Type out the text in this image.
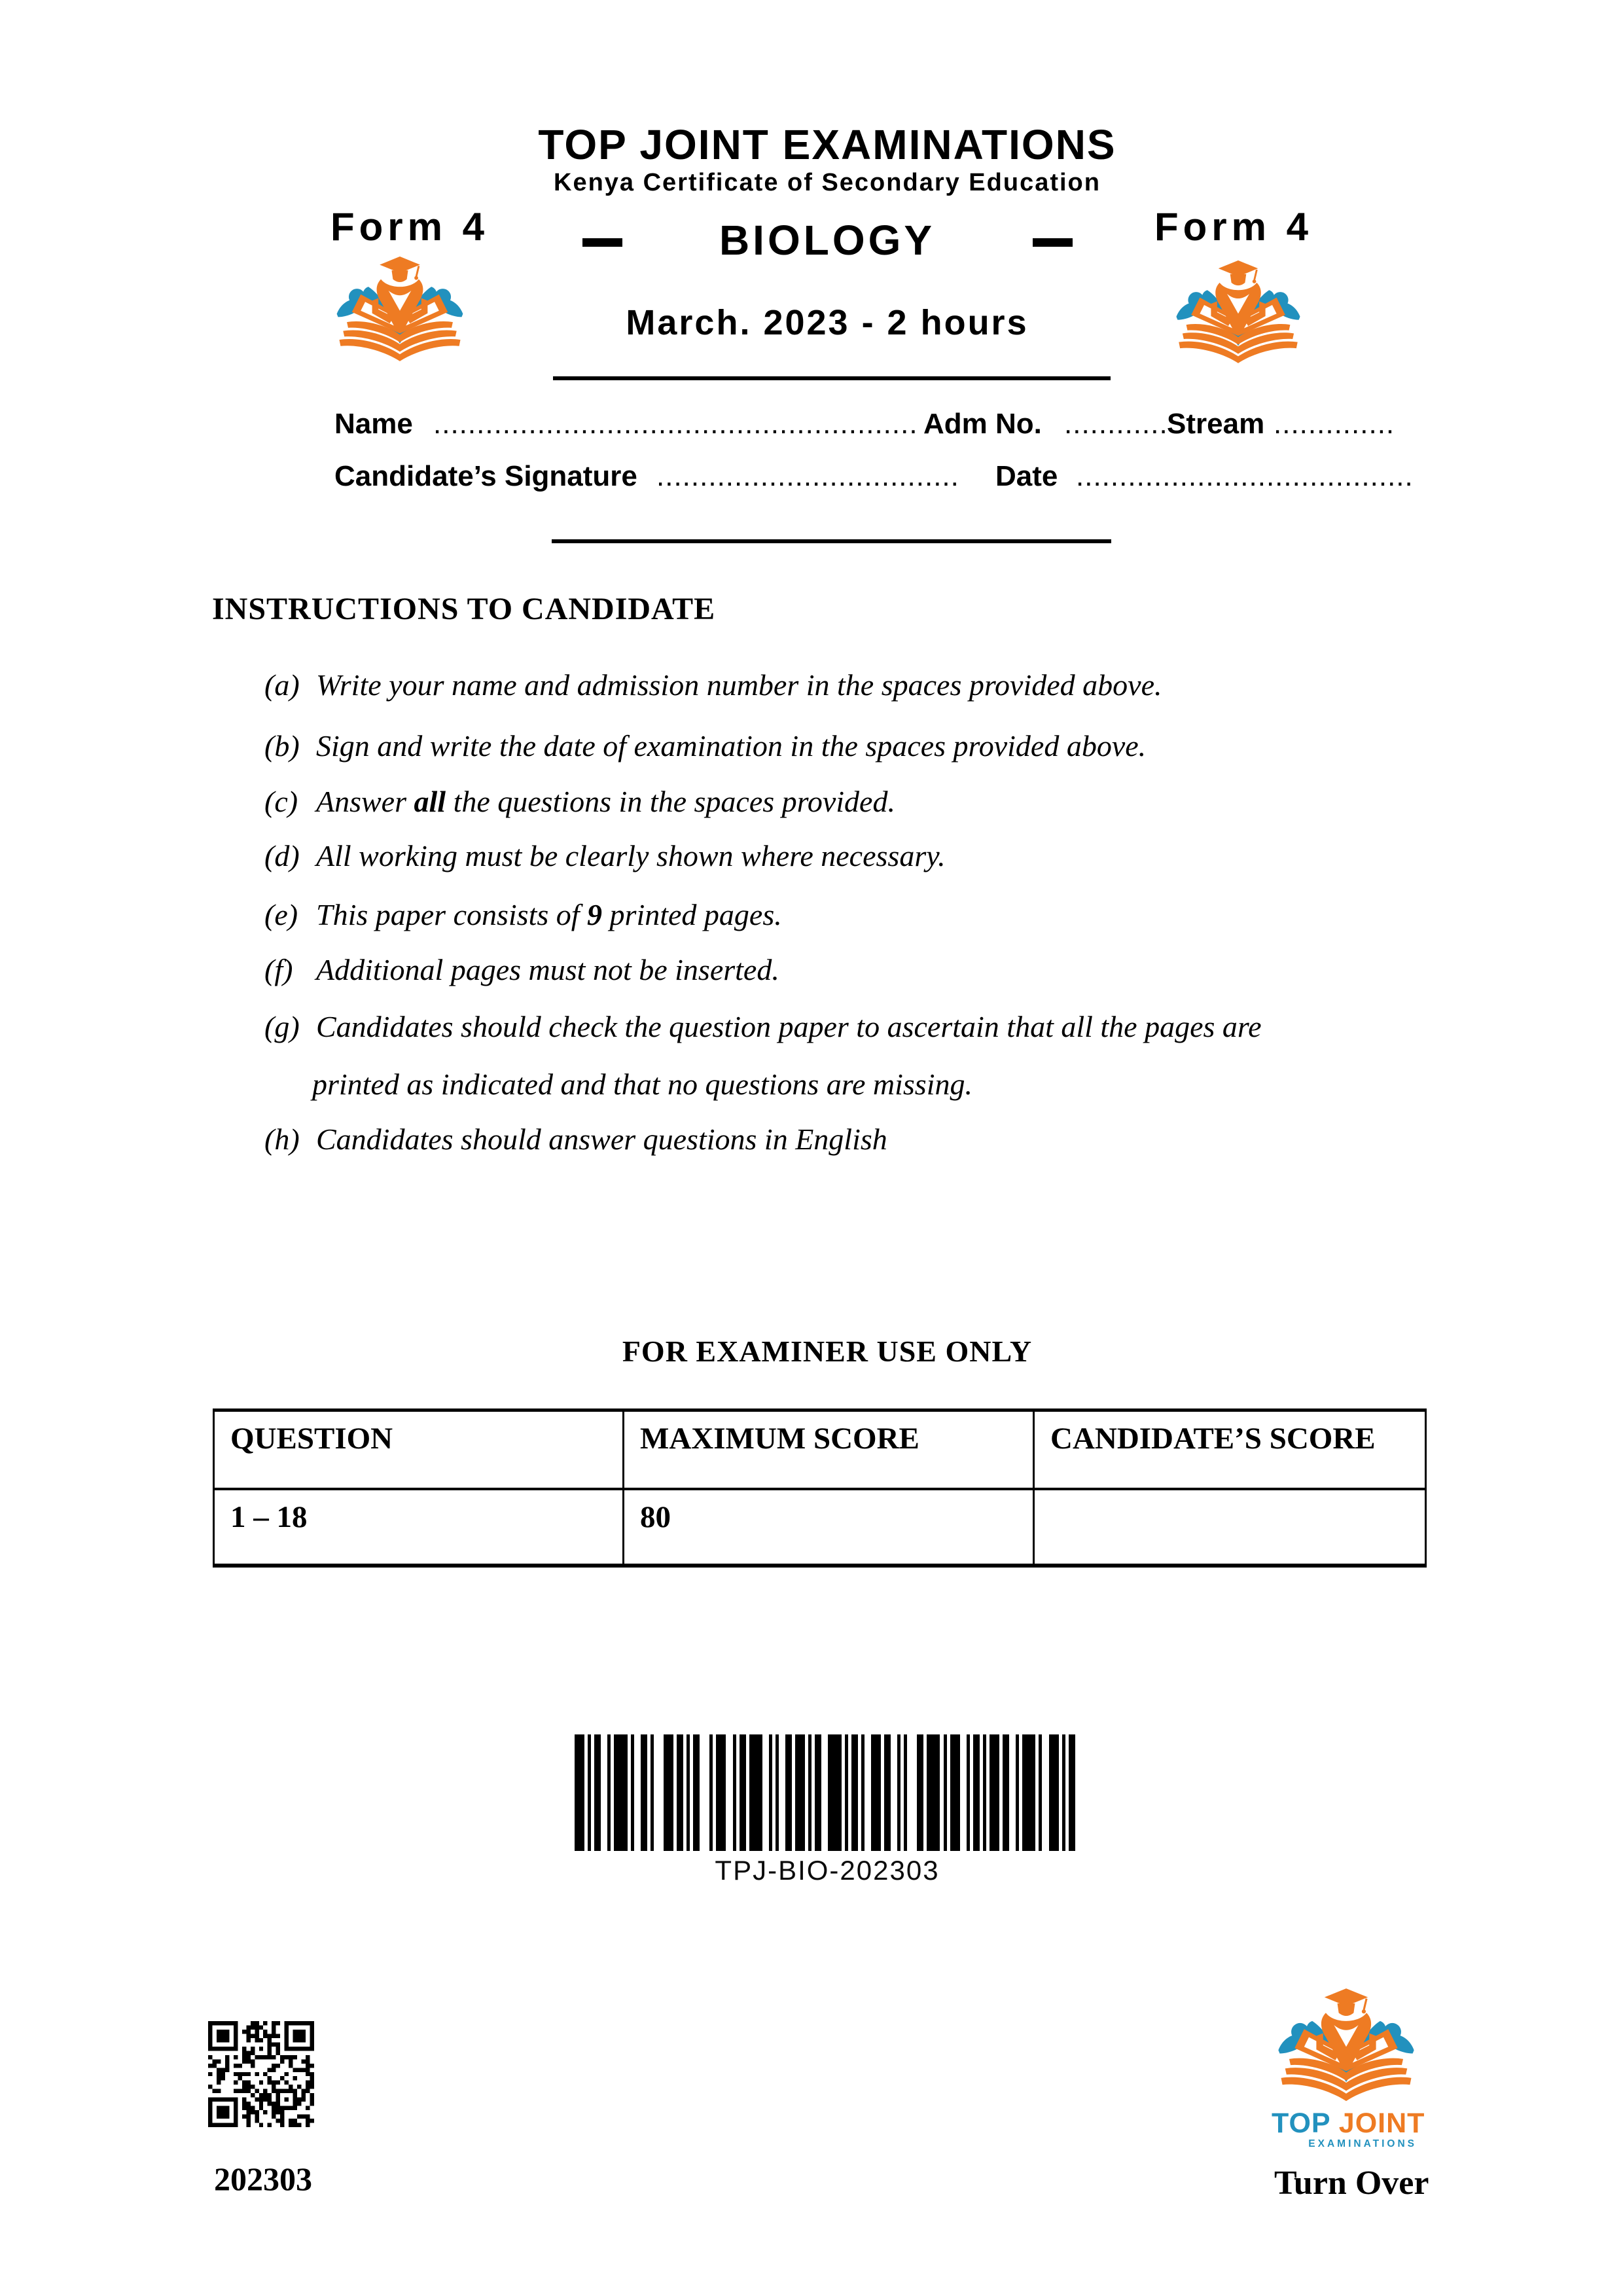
TOP JOINT EXAMINATIONS
Kenya Certificate of Secondary Education
Form 4	Form 4
BIOLOGY
March. 2023 - 2 hours
Name ........................................................ Adm No. ............
Stream ..............
Candidate’s Signature ................................... Date .......................................
INSTRUCTIONS TO CANDIDATE
(a) Write your name and admission number in the spaces provided above.
(b) Sign and write the date of examination in the spaces provided above.
(c) Answer all the questions in the spaces provided.
(d) All working must be clearly shown where necessary.
(e) This paper consists of 9 printed pages.
(f) Additional pages must not be inserted.
(g) Candidates should check the question paper to ascertain that all the pages are
printed as indicated and that no questions are missing.
(h) Candidates should answer questions in English
FOR EXAMINER USE ONLY
QUESTION	MAXIMUM SCORE	CANDIDATE’S SCORE
1 – 18	80
TPJ-BIO-202303
202303
TOP JOINT
EXAMINATIONS
Turn Over
